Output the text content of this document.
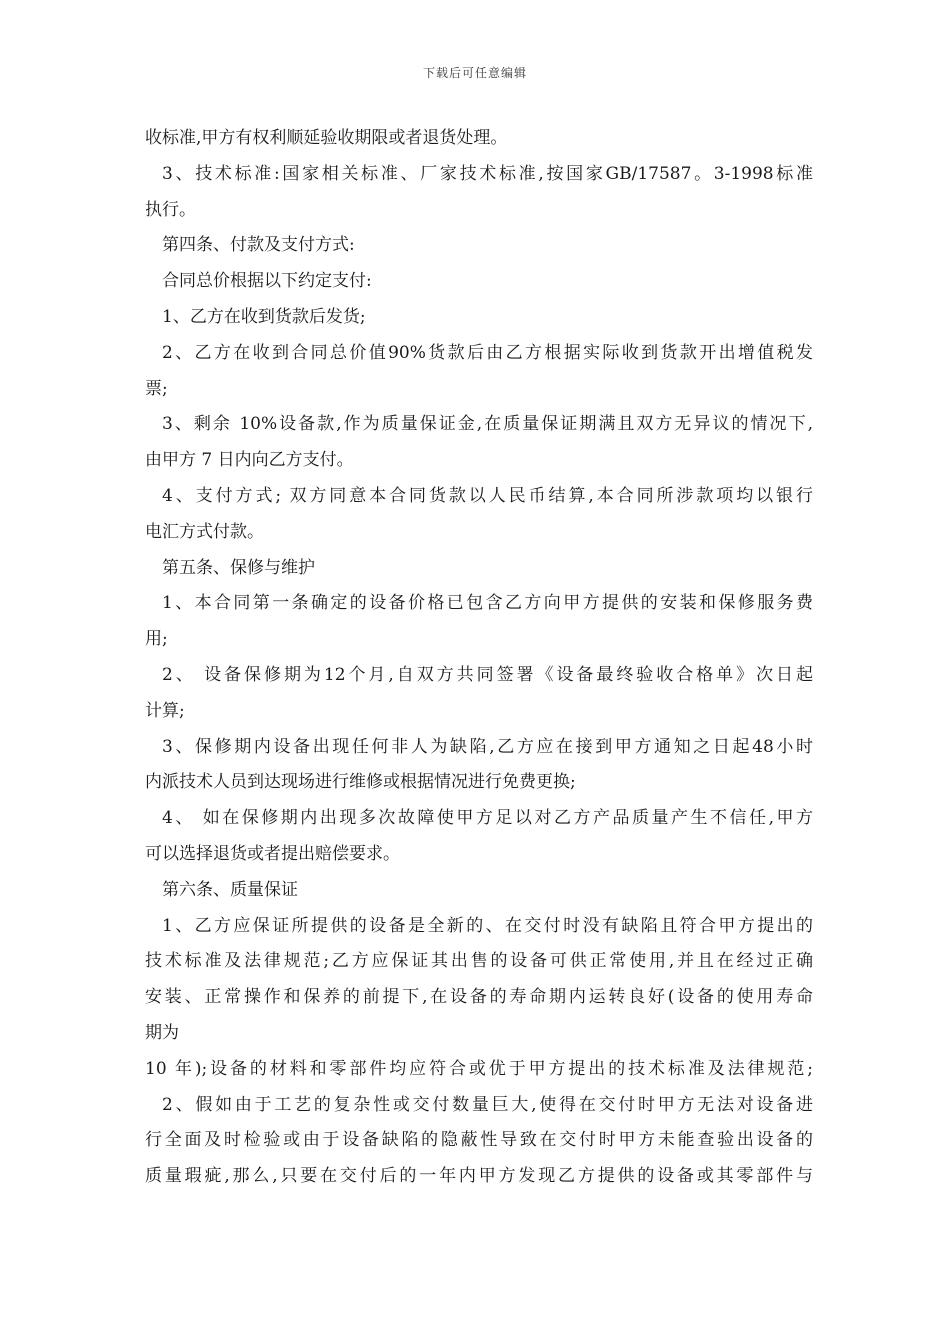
下载后可任意编辑
收标准,甲方有权利顺延验收期限或者退货处理。
3、技术标准:国家相关标准、厂家技术标准,按国家GB/17587。3-1998标准
执行。
第四条、付款及支付方式:
合同总价根据以下约定支付:
1、乙方在收到货款后发货;
2、乙方在收到合同总价值90%货款后由乙方根据实际收到货款开出增值税发
票;
3、剩余 10%设备款,作为质量保证金,在质量保证期满且双方无异议的情况下,
由甲方 7 日内向乙方支付。
4、支付方式; 双方同意本合同货款以人民币结算,本合同所涉款项均以银行
电汇方式付款。
第五条、保修与维护
1、本合同第一条确定的设备价格已包含乙方向甲方提供的安装和保修服务费
用;
2、 设备保修期为12个月,自双方共同签署《设备最终验收合格单》次日起
计算;
3、保修期内设备出现任何非人为缺陷,乙方应在接到甲方通知之日起48小时
内派技术人员到达现场进行维修或根据情况进行免费更换;
4、 如在保修期内出现多次故障使甲方足以对乙方产品质量产生不信任,甲方
可以选择退货或者提出赔偿要求。
第六条、质量保证
1、乙方应保证所提供的设备是全新的、在交付时没有缺陷且符合甲方提出的
技术标准及法律规范;乙方应保证其出售的设备可供正常使用,并且在经过正确
安装、正常操作和保养的前提下,在设备的寿命期内运转良好(设备的使用寿命
期为
10 年);设备的材料和零部件均应符合或优于甲方提出的技术标准及法律规范;
2、假如由于工艺的复杂性或交付数量巨大,使得在交付时甲方无法对设备进
行全面及时检验或由于设备缺陷的隐蔽性导致在交付时甲方未能查验出设备的
质量瑕疵,那么,只要在交付后的一年内甲方发现乙方提供的设备或其零部件与
